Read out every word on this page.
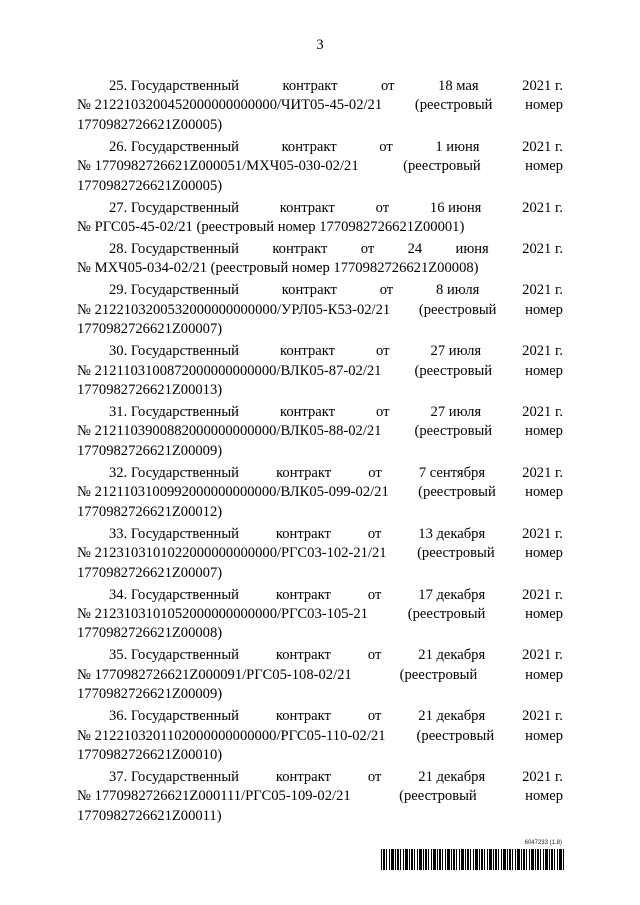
3
25. Государственный	контракт	от	18 мая	2021 г.
№ 2122103200452000000000000/ЧИТ05-45-02/21 (реестровый номер
1770982726621Z00005)
26. Государственный	контракт	от	1 июня	2021 г.
№ 1770982726621Z000051/МХЧ05-030-02/21	(реестровый	номер
1770982726621Z00005)
27. Государственный	контракт	от	16 июня	2021 г.
№ РГС05-45-02/21 (реестровый номер 1770982726621Z00001)
28. Государственный контракт от 24 июня 2021 г.
№ МХЧ05-034-02/21 (реестровый номер 1770982726621Z00008)
29. Государственный	контракт	от	8 июля	2021 г.
№ 2122103200532000000000000/УРЛ05-К53-02/21 (реестровый номер
1770982726621Z00007)
30. Государственный	контракт	от	27 июля	2021 г.
№ 2121103100872000000000000/ВЛК05-87-02/21 (реестровый номер
1770982726621Z00013)
31. Государственный	контракт	от	27 июля	2021 г.
№ 2121103900882000000000000/ВЛК05-88-02/21 (реестровый номер
1770982726621Z00009)
32. Государственный	контракт	от	7 сентября	2021 г.
№ 2121103100992000000000000/ВЛК05-099-02/21 (реестровый номер
1770982726621Z00012)
33. Государственный	контракт	от	13 декабря	2021 г.
№ 2123103101022000000000000/РГС03-102-21/21 (реестровый номер
1770982726621Z00007)
34. Государственный	контракт	от	17 декабря	2021 г.
№ 2123103101052000000000000/РГС03-105-21	(реестровый	номер
1770982726621Z00008)
35. Государственный	контракт	от	21 декабря	2021 г.
№ 1770982726621Z000091/РГС05-108-02/21	(реестровый	номер
1770982726621Z00009)
36. Государственный	контракт	от	21 декабря	2021 г.
№ 2122103201102000000000000/РГС05-110-02/21 (реестровый номер
1770982726621Z00010)
37. Государственный	контракт	от	21 декабря	2021 г.
№ 1770982726621Z000111/РГС05-109-02/21	(реестровый	номер
1770982726621Z00011)
6047233 (1.8)
